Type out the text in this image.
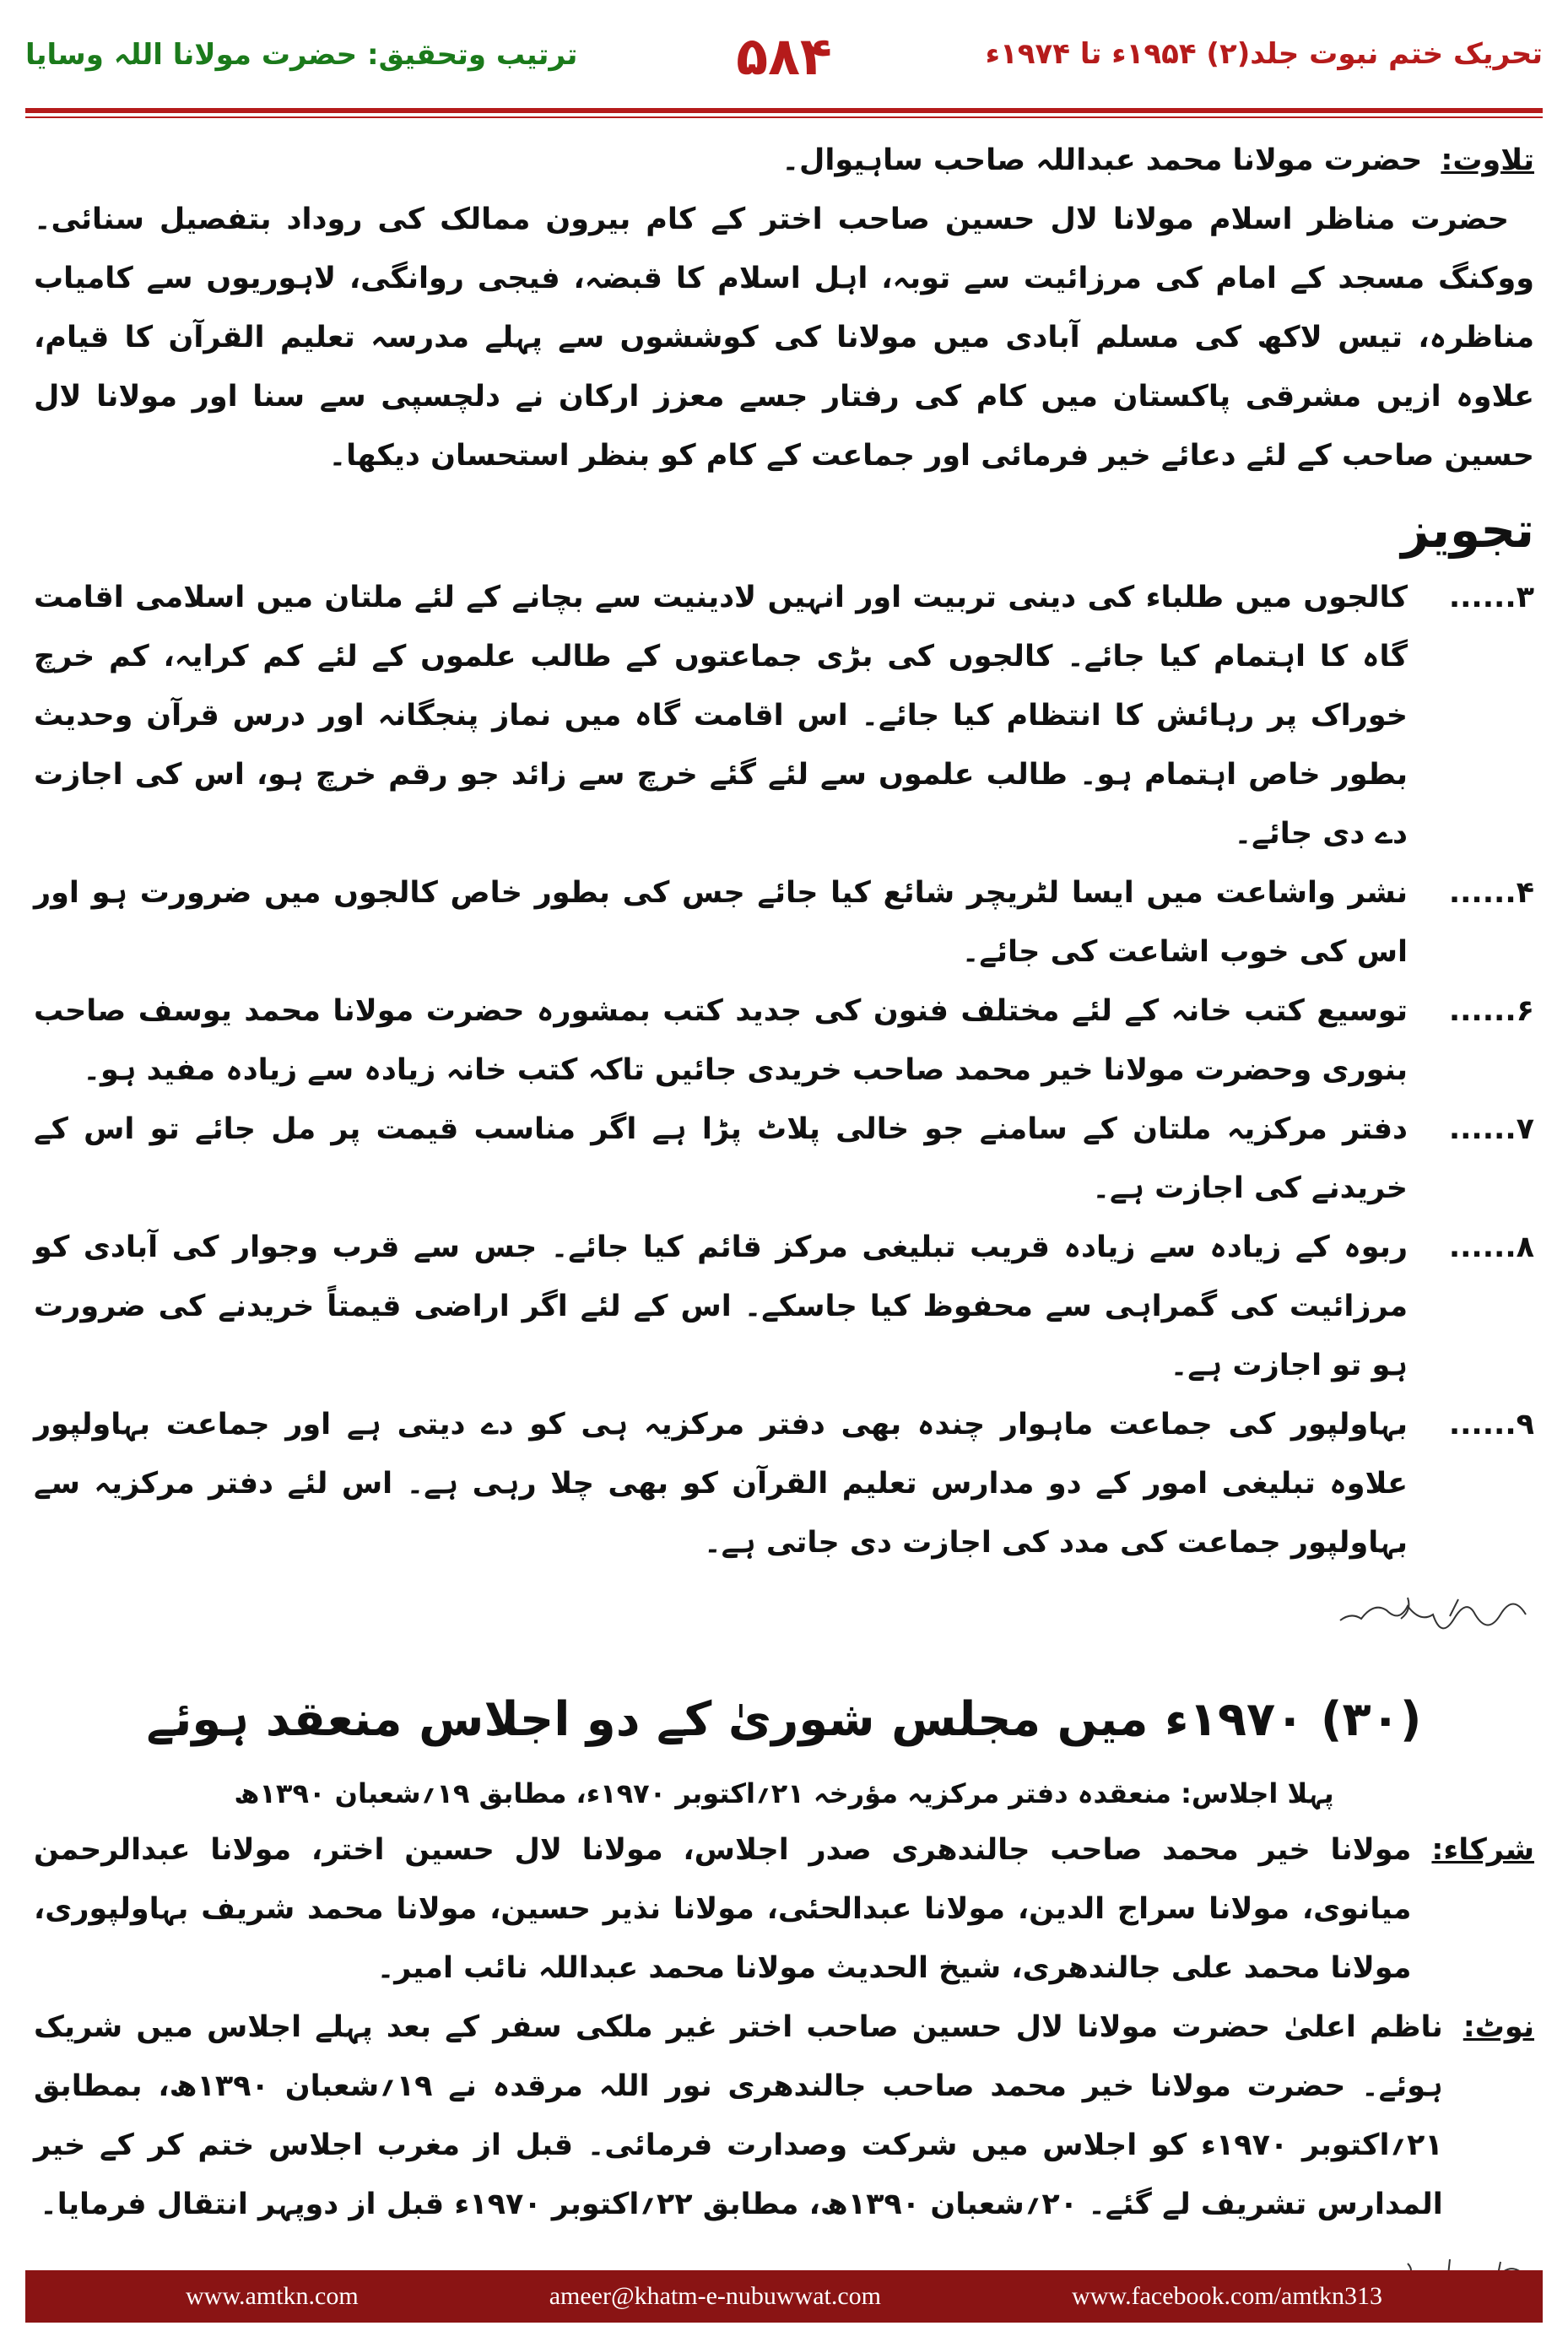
ترتیب وتحقیق: حضرت مولانا اللہ وسایا	۵۸۴	تحریک ختم نبوت جلد(۲) ۱۹۵۴ء تا ۱۹۷۴ء
تلاوت:حضرت مولانا محمد عبداللہ صاحب ساہیوال۔
حضرت مناظر اسلام مولانا لال حسین صاحب اختر کے کام بیرون ممالک کی روداد بتفصیل سنائی۔ ووکنگ مسجد کے امام کی مرزائیت سے توبہ، اہل اسلام کا قبضہ، فیجی روانگی، لاہوریوں سے کامیاب مناظرہ، تیس لاکھ کی مسلم آبادی میں مولانا کی کوششوں سے پہلے مدرسہ تعلیم القرآن کا قیام، علاوہ ازیں مشرقی پاکستان میں کام کی رفتار جسے معزز ارکان نے دلچسپی سے سنا اور مولانا لال حسین صاحب کے لئے دعائے خیر فرمائی اور جماعت کے کام کو بنظر استحسان دیکھا۔
تجویز
۳......
کالجوں میں طلباء کی دینی تربیت اور انہیں لادینیت سے بچانے کے لئے ملتان میں اسلامی اقامت گاہ کا اہتمام کیا جائے۔ کالجوں کی بڑی جماعتوں کے طالب علموں کے لئے کم کرایہ، کم خرچ خوراک پر رہائش کا انتظام کیا جائے۔ اس اقامت گاہ میں نماز پنجگانہ اور درس قرآن وحدیث بطور خاص اہتمام ہو۔ طالب علموں سے لئے گئے خرچ سے زائد جو رقم خرچ ہو، اس کی اجازت دے دی جائے۔
۴......
نشر واشاعت میں ایسا لٹریچر شائع کیا جائے جس کی بطور خاص کالجوں میں ضرورت ہو اور اس کی خوب اشاعت کی جائے۔
۶......
توسیع کتب خانہ کے لئے مختلف فنون کی جدید کتب بمشورہ حضرت مولانا محمد یوسف صاحب بنوری وحضرت مولانا خیر محمد صاحب خریدی جائیں تاکہ کتب خانہ زیادہ سے زیادہ مفید ہو۔
۷......
دفتر مرکزیہ ملتان کے سامنے جو خالی پلاٹ پڑا ہے اگر مناسب قیمت پر مل جائے تو اس کے خریدنے کی اجازت ہے۔
۸......
ربوہ کے زیادہ سے زیادہ قریب تبلیغی مرکز قائم کیا جائے۔ جس سے قرب وجوار کی آبادی کو مرزائیت کی گمراہی سے محفوظ کیا جاسکے۔ اس کے لئے اگر اراضی قیمتاً خریدنے کی ضرورت ہو تو اجازت ہے۔
۹......
بہاولپور کی جماعت ماہوار چندہ بھی دفتر مرکزیہ ہی کو دے دیتی ہے اور جماعت بہاولپور علاوہ تبلیغی امور کے دو مدارس تعلیم القرآن کو بھی چلا رہی ہے۔ اس لئے دفتر مرکزیہ سے بہاولپور جماعت کی مدد کی اجازت دی جاتی ہے۔
(۳۰) ۱۹۷۰ء میں مجلس شوریٰ کے دو اجلاس منعقد ہوئے
پہلا اجلاس: منعقدہ دفتر مرکزیہ مؤرخہ ۲۱؍اکتوبر ۱۹۷۰ء، مطابق ۱۹؍شعبان ۱۳۹۰ھ
شرکاء:
مولانا خیر محمد صاحب جالندھری صدر اجلاس، مولانا لال حسین اختر، مولانا عبدالرحمن میانوی، مولانا سراج الدین، مولانا عبدالحئی، مولانا نذیر حسین، مولانا محمد شریف بہاولپوری، مولانا محمد علی جالندھری، شیخ الحدیث مولانا محمد عبداللہ نائب امیر۔
نوٹ:
ناظم اعلیٰ حضرت مولانا لال حسین صاحب اختر غیر ملکی سفر کے بعد پہلے اجلاس میں شریک ہوئے۔ حضرت مولانا خیر محمد صاحب جالندھری نور اللہ مرقدہ نے ۱۹؍شعبان ۱۳۹۰ھ، بمطابق ۲۱؍اکتوبر ۱۹۷۰ء کو اجلاس میں شرکت وصدارت فرمائی۔ قبل از مغرب اجلاس ختم کر کے خیر المدارس تشریف لے گئے۔ ۲۰؍شعبان ۱۳۹۰ھ، مطابق ۲۲؍اکتوبر ۱۹۷۰ء قبل از دوپہر انتقال فرمایا۔
www.amtkn.com	ameer@khatm-e-nubuwwat.com	www.facebook.com/amtkn313
